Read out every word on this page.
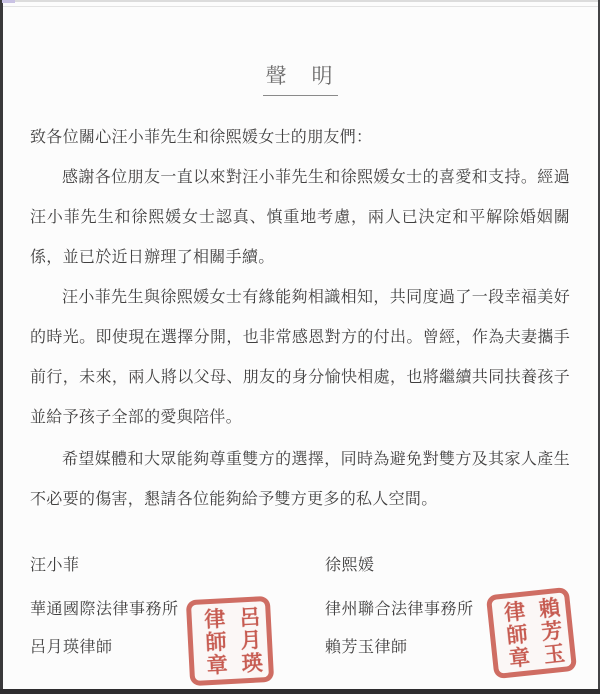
聲　明
致各位關心汪小菲先生和徐熙媛女士的朋友們：
感謝各位朋友一直以來對汪小菲先生和徐熙媛女士的喜愛和支持。經過汪小菲先生和徐熙媛女士認真、慎重地考慮，兩人已決定和平解除婚姻關係，並已於近日辦理了相關手續。
汪小菲先生與徐熙媛女士有緣能夠相識相知，共同度過了一段幸福美好的時光。即使現在選擇分開，也非常感恩對方的付出。曾經，作為夫妻攜手前行，未來，兩人將以父母、朋友的身分愉快相處，也將繼續共同扶養孩子並給予孩子全部的愛與陪伴。
希望媒體和大眾能夠尊重雙方的選擇，同時為避免對雙方及其家人產生不必要的傷害，懇請各位能夠給予雙方更多的私人空間。
汪小菲
華通國際法律事務所
呂月瑛律師
徐熙媛
律州聯合法律事務所
賴芳玉律師
呂月瑛律師章	賴芳玉律師章
